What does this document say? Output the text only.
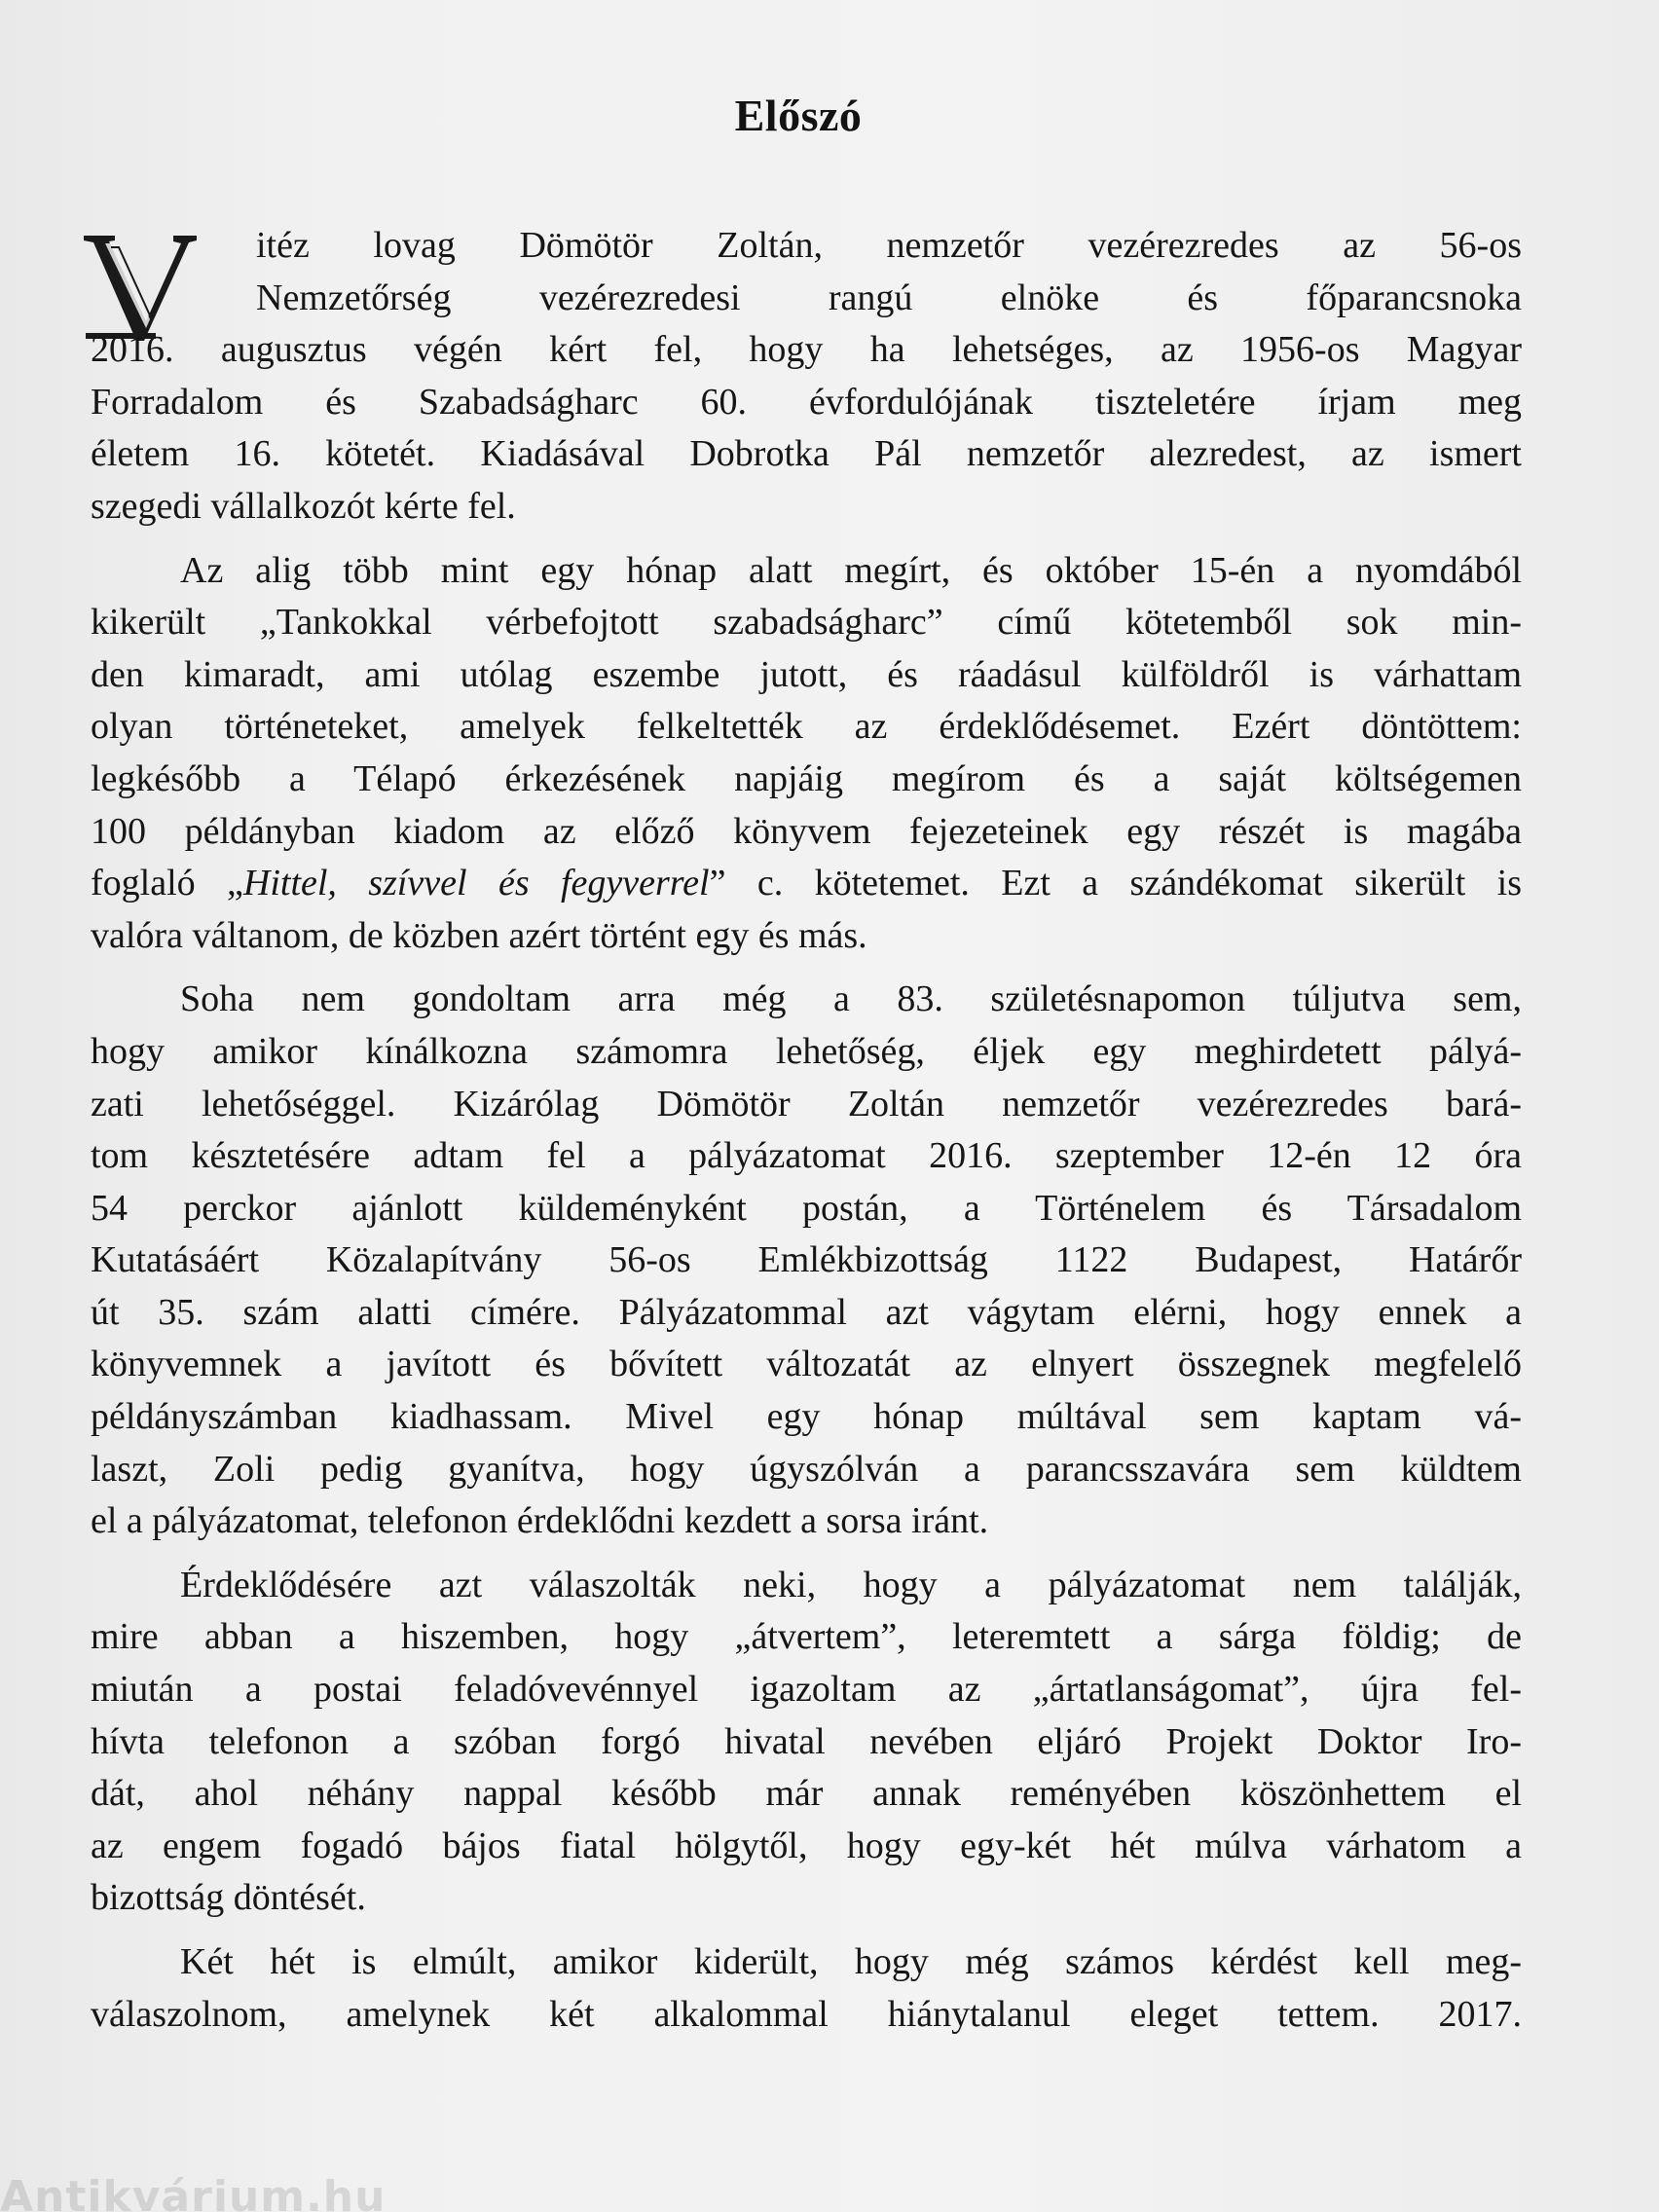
Előszó
itéz lovag Dömötör Zoltán, nemzetőr vezérezredes az 56-os
Nemzetőrség vezérezredesi rangú elnöke és főparancsnoka
2016. augusztus végén kért fel, hogy ha lehetséges, az 1956-os Magyar
Forradalom és Szabadságharc 60. évfordulójának tiszteletére írjam meg
életem 16. kötetét. Kiadásával Dobrotka Pál nemzetőr alezredest, az ismert
szegedi vállalkozót kérte fel.
Az alig több mint egy hónap alatt megírt, és október 15-én a nyomdából
kikerült „Tankokkal vérbefojtott szabadságharc” című kötetemből sok min-
den kimaradt, ami utólag eszembe jutott, és ráadásul külföldről is várhattam
olyan történeteket, amelyek felkeltették az érdeklődésemet. Ezért döntöttem:
legkésőbb a Télapó érkezésének napjáig megírom és a saját költségemen
100 példányban kiadom az előző könyvem fejezeteinek egy részét is magába
foglaló „Hittel, szívvel és fegyverrel” c. kötetemet. Ezt a szándékomat sikerült is
valóra váltanom, de közben azért történt egy és más.
Soha nem gondoltam arra még a 83. születésnapomon túljutva sem,
hogy amikor kínálkozna számomra lehetőség, éljek egy meghirdetett pályá-
zati lehetőséggel. Kizárólag Dömötör Zoltán nemzetőr vezérezredes bará-
tom késztetésére adtam fel a pályázatomat 2016. szeptember 12-én 12 óra
54 perckor ajánlott küldeményként postán, a Történelem és Társadalom
Kutatásáért Közalapítvány 56-os Emlékbizottság 1122 Budapest, Határőr
út 35. szám alatti címére. Pályázatommal azt vágytam elérni, hogy ennek a
könyvemnek a javított és bővített változatát az elnyert összegnek megfelelő
példányszámban kiadhassam. Mivel egy hónap múltával sem kaptam vá-
laszt, Zoli pedig gyanítva, hogy úgyszólván a parancsszavára sem küldtem
el a pályázatomat, telefonon érdeklődni kezdett a sorsa iránt.
Érdeklődésére azt válaszolták neki, hogy a pályázatomat nem találják,
mire abban a hiszemben, hogy „átvertem”, leteremtett a sárga földig; de
miután a postai feladóvevénnyel igazoltam az „ártatlanságomat”, újra fel-
hívta telefonon a szóban forgó hivatal nevében eljáró Projekt Doktor Iro-
dát, ahol néhány nappal később már annak reményében köszönhettem el
az engem fogadó bájos fiatal hölgytől, hogy egy-két hét múlva várhatom a
bizottság döntését.
Két hét is elmúlt, amikor kiderült, hogy még számos kérdést kell meg-
válaszolnom, amelynek két alkalommal hiánytalanul eleget tettem. 2017.
Antikvárium.hu
